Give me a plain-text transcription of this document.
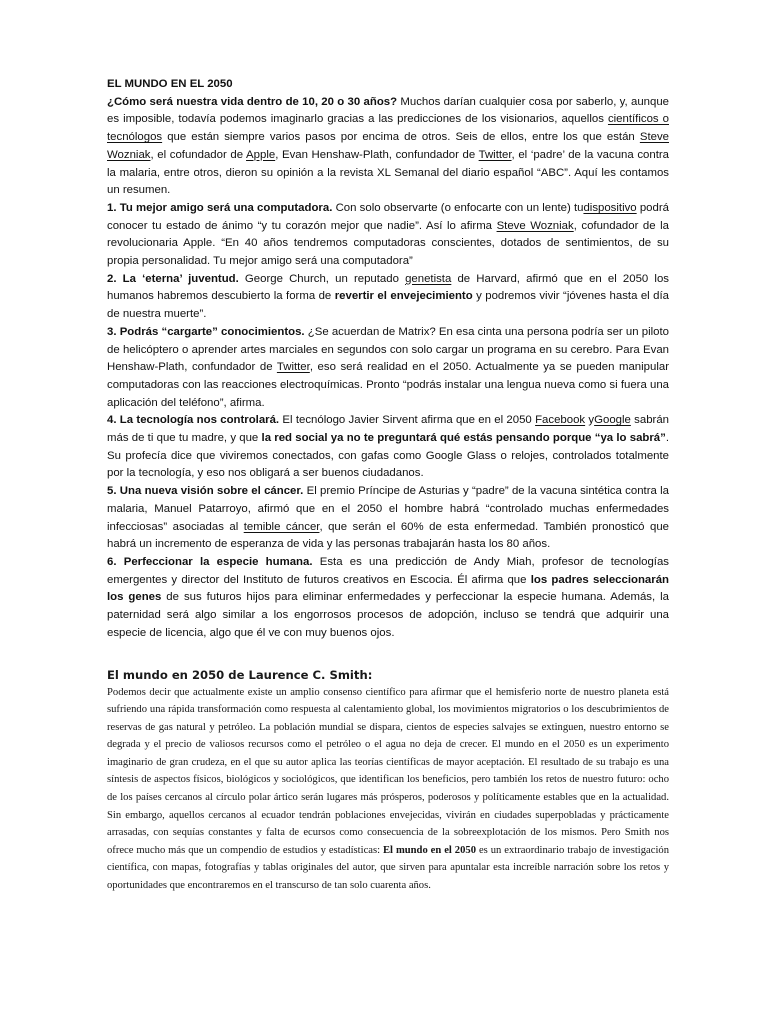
EL MUNDO EN EL 2050

¿Cómo será nuestra vida dentro de 10, 20 o 30 años? Muchos darían cualquier cosa por saberlo, y, aunque es imposible, todavía podemos imaginarlo gracias a las predicciones de los visionarios, aquellos científicos o tecnólogos que están siempre varios pasos por encima de otros. Seis de ellos, entre los que están Steve Wozniak, el cofundador de Apple, Evan Henshaw-Plath, confundador de Twitter, el ‘padre’ de la vacuna contra la malaria, entre otros, dieron su opinión a la revista XL Semanal del diario español “ABC”. Aquí les contamos un resumen.

1. Tu mejor amigo será una computadora. Con solo observarte (o enfocarte con un lente) tudispositivo podrá conocer tu estado de ánimo “y tu corazón mejor que nadie”. Así lo afirma Steve Wozniak, cofundador de la revolucionaria Apple. “En 40 años tendremos computadoras conscientes, dotados de sentimientos, de su propia personalidad. Tu mejor amigo será una computadora”

2. La ‘eterna’ juventud. George Church, un reputado genetista de Harvard, afirmó que en el 2050 los humanos habremos descubierto la forma de revertir el envejecimiento y podremos vivir “jóvenes hasta el día de nuestra muerte”.

3. Podrás “cargarte” conocimientos. ¿Se acuerdan de Matrix? En esa cinta una persona podría ser un piloto de helicóptero o aprender artes marciales en segundos con solo cargar un programa en su cerebro. Para Evan Henshaw-Plath, confundador de Twitter, eso será realidad en el 2050. Actualmente ya se pueden manipular computadoras con las reacciones electroquímicas. Pronto “podrás instalar una lengua nueva como si fuera una aplicación del teléfono”, afirma.

4. La tecnología nos controlará. El tecnólogo Javier Sirvent afirma que en el 2050 Facebook yGoogle sabrán más de ti que tu madre, y que la red social ya no te preguntará qué estás pensando porque “ya lo sabrá”. Su profecía dice que viviremos conectados, con gafas como Google Glass o relojes, controlados totalmente por la tecnología, y eso nos obligará a ser buenos ciudadanos.

5. Una nueva visión sobre el cáncer. El premio Príncipe de Asturias y “padre” de la vacuna sintética contra la malaria, Manuel Patarroyo, afirmó que en el 2050 el hombre habrá “controlado muchas enfermedades infecciosas” asociadas al temible cáncer, que serán el 60% de esta enfermedad. También pronosticó que habrá un incremento de esperanza de vida y las personas trabajarán hasta los 80 años.

6. Perfeccionar la especie humana. Esta es una predicción de Andy Miah, profesor de tecnologías emergentes y director del Instituto de futuros creativos en Escocia. Él afirma que los padres seleccionarán los genes de sus futuros hijos para eliminar enfermedades y perfeccionar la especie humana. Además, la paternidad será algo similar a los engorrosos procesos de adopción, incluso se tendrá que adquirir una especie de licencia, algo que él ve con muy buenos ojos.

El mundo en 2050 de Laurence C. Smith:

Podemos decir que actualmente existe un amplio consenso científico para afirmar que el hemisferio norte de nuestro planeta está sufriendo una rápida transformación como respuesta al calentamiento global, los movimientos migratorios o los descubrimientos de reservas de gas natural y petróleo. La población mundial se dispara, cientos de especies salvajes se extinguen, nuestro entorno se degrada y el precio de valiosos recursos como el petróleo o el agua no deja de crecer. El mundo en el 2050 es un experimento imaginario de gran crudeza, en el que su autor aplica las teorías científicas de mayor aceptación. El resultado de su trabajo es una síntesis de aspectos físicos, biológicos y sociológicos, que identifican los beneficios, pero también los retos de nuestro futuro: ocho de los países cercanos al círculo polar ártico serán lugares más prósperos, poderosos y políticamente estables que en la actualidad. Sin embargo, aquellos cercanos al ecuador tendrán poblaciones envejecidas, vivirán en ciudades superpobladas y prácticamente arrasadas, con sequías constantes y falta de ecursos como consecuencia de la sobreexplotación de los mismos. Pero Smith nos ofrece mucho más que un compendio de estudios y estadísticas: El mundo en el 2050 es un extraordinario trabajo de investigación científica, con mapas, fotografías y tablas originales del autor, que sirven para apuntalar esta increíble narración sobre los retos y oportunidades que encontraremos en el transcurso de tan solo cuarenta años.
